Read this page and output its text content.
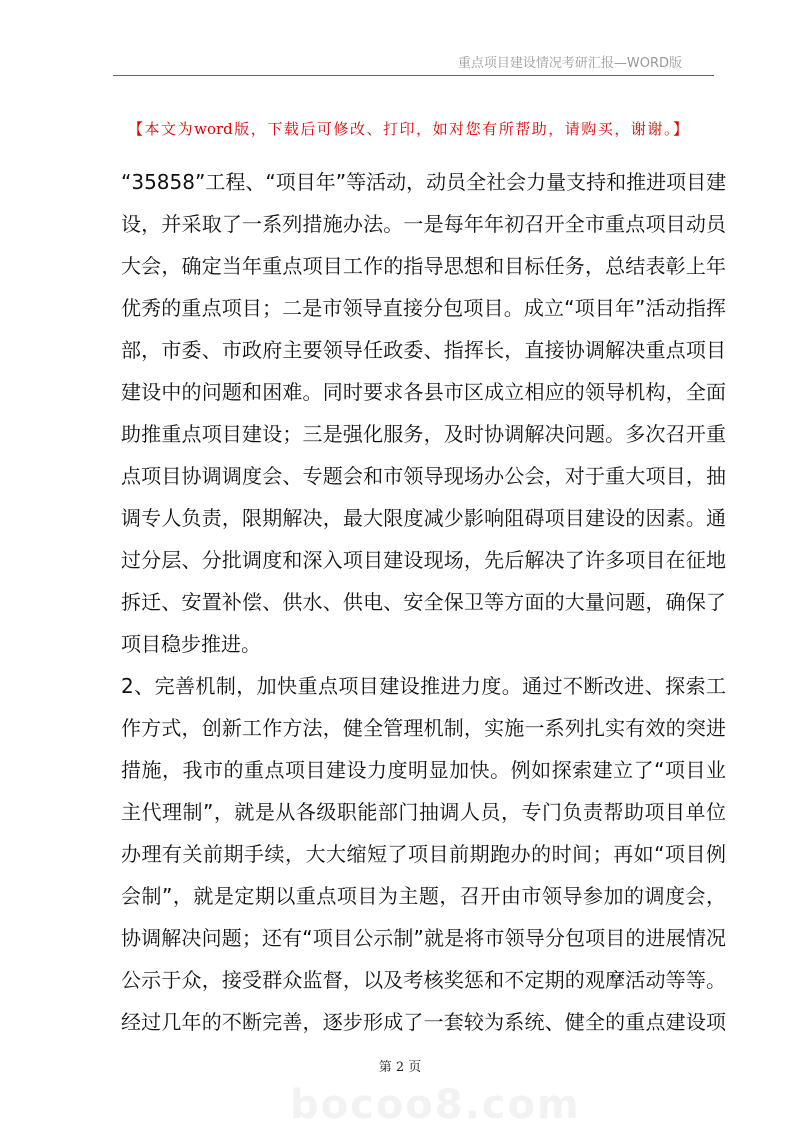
重点项目建设情况考研汇报—WORD版
【本文为word版，下载后可修改、打印，如对您有所帮助，请购买，谢谢。】
“35858”工程、“项目年”等活动，动员全社会力量支持和推进项目建
设，并采取了一系列措施办法。一是每年年初召开全市重点项目动员
大会，确定当年重点项目工作的指导思想和目标任务，总结表彰上年
优秀的重点项目；二是市领导直接分包项目。成立“项目年”活动指挥
部，市委、市政府主要领导任政委、指挥长，直接协调解决重点项目
建设中的问题和困难。同时要求各县市区成立相应的领导机构，全面
助推重点项目建设；三是强化服务，及时协调解决问题。多次召开重
点项目协调调度会、专题会和市领导现场办公会，对于重大项目，抽
调专人负责，限期解决，最大限度减少影响阻碍项目建设的因素。通
过分层、分批调度和深入项目建设现场，先后解决了许多项目在征地
拆迁、安置补偿、供水、供电、安全保卫等方面的大量问题，确保了
项目稳步推进。
2、完善机制，加快重点项目建设推进力度。通过不断改进、探索工
作方式，创新工作方法，健全管理机制，实施一系列扎实有效的突进
措施，我市的重点项目建设力度明显加快。例如探索建立了“项目业
主代理制”，就是从各级职能部门抽调人员，专门负责帮助项目单位
办理有关前期手续，大大缩短了项目前期跑办的时间；再如“项目例
会制”，就是定期以重点项目为主题，召开由市领导参加的调度会，
协调解决问题；还有“项目公示制”就是将市领导分包项目的进展情况
公示于众，接受群众监督，以及考核奖惩和不定期的观摩活动等等。
经过几年的不断完善，逐步形成了一套较为系统、健全的重点建设项
第 2 页
bocoo8.com
